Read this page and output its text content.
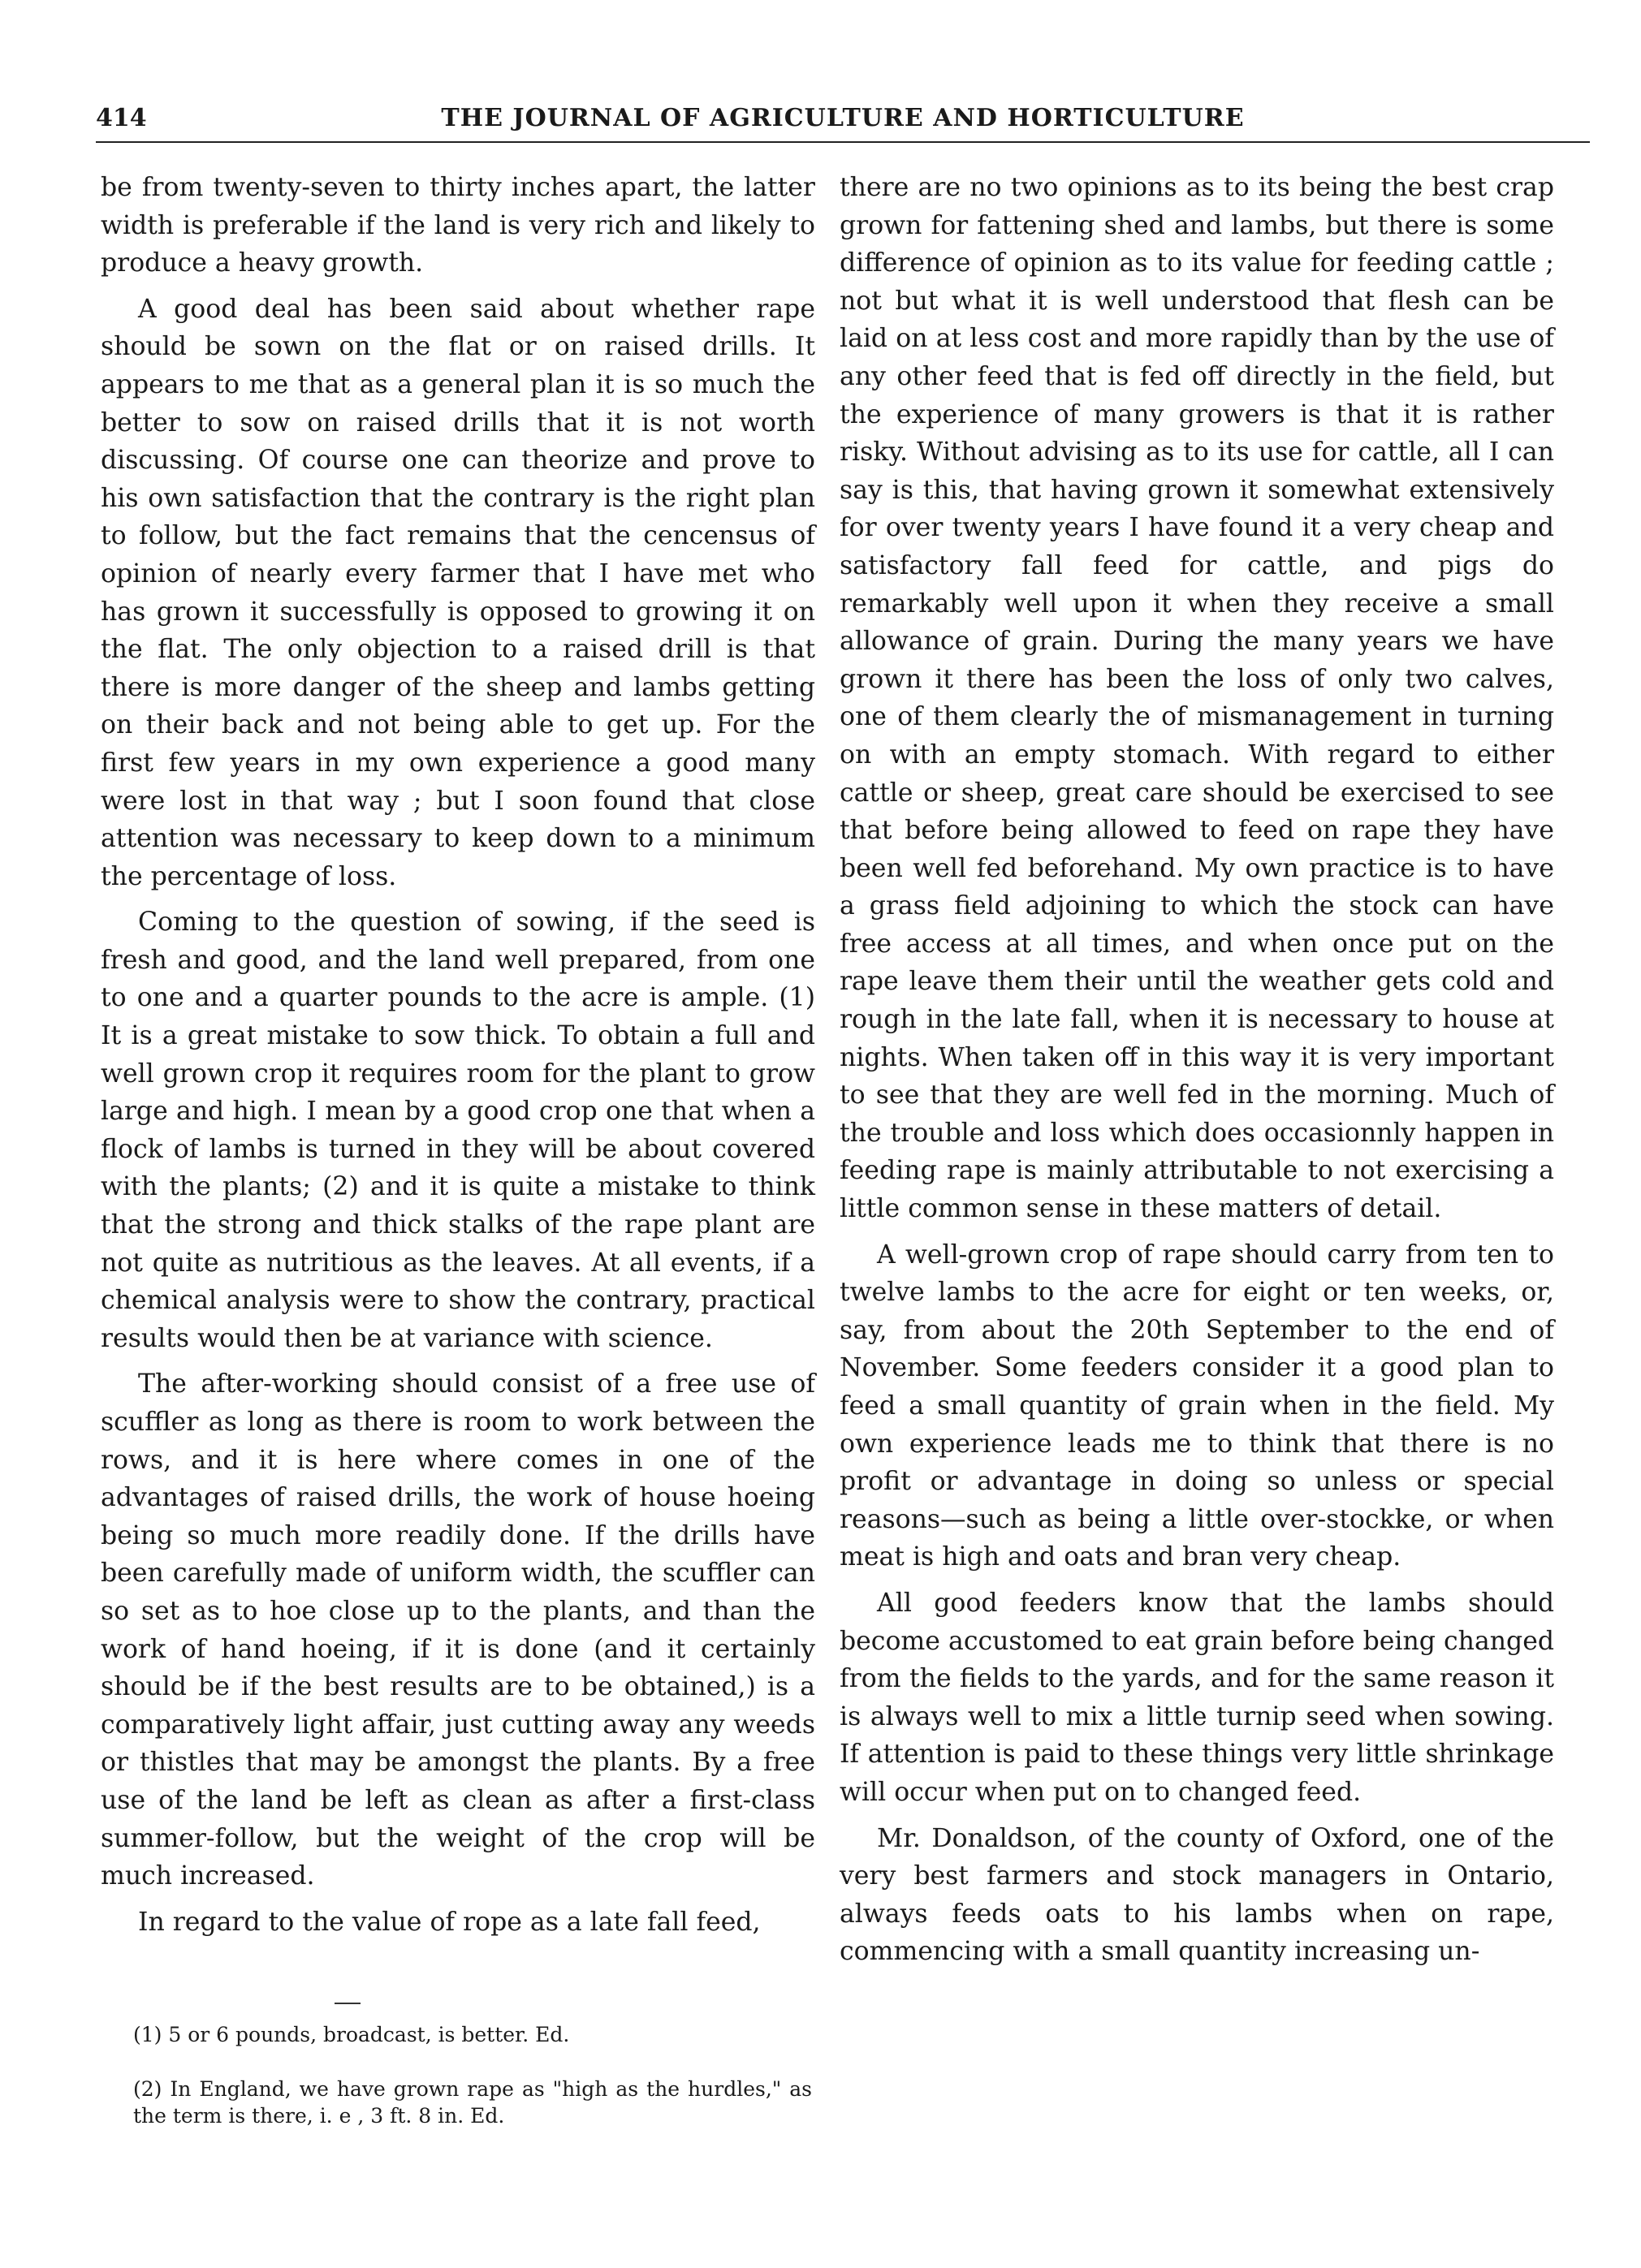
414	THE JOURNAL OF AGRICULTURE AND HORTICULTURE

be from twenty-seven to thirty inches apart, the latter width is preferable if the land is very rich and likely to produce a heavy growth.

A good deal has been said about whether rape should be sown on the flat or on raised drills. It appears to me that as a general plan it is so much the better to sow on raised drills that it is not worth discussing. Of course one can theorize and prove to his own satisfaction that the contrary is the right plan to follow, but the fact remains that the cencensus of opinion of nearly every farmer that I have met who has grown it successfully is opposed to growing it on the flat. The only objection to a raised drill is that there is more danger of the sheep and lambs getting on their back and not being able to get up. For the first few years in my own experience a good many were lost in that way ; but I soon found that close attention was necessary to keep down to a minimum the percentage of loss.

Coming to the question of sowing, if the seed is fresh and good, and the land well prepared, from one to one and a quarter pounds to the acre is ample. (1) It is a great mistake to sow thick. To obtain a full and well grown crop it requires room for the plant to grow large and high. I mean by a good crop one that when a flock of lambs is turned in they will be about covered with the plants; (2) and it is quite a mistake to think that the strong and thick stalks of the rape plant are not quite as nutritious as the leaves. At all events, if a chemical analysis were to show the contrary, practical results would then be at variance with science.

The after-working should consist of a free use of scuffler as long as there is room to work between the rows, and it is here where comes in one of the advantages of raised drills, the work of house hoeing being so much more readily done. If the drills have been carefully made of uniform width, the scuffler can so set as to hoe close up to the plants, and than the work of hand hoeing, if it is done (and it certainly should be if the best results are to be obtained,) is a comparatively light affair, just cutting away any weeds or thistles that may be amongst the plants. By a free use of the land be left as clean as after a first-class summer-follow, but the weight of the crop will be much increased.

In regard to the value of rope as a late fall feed,

there are no two opinions as to its being the best crap grown for fattening shed and lambs, but there is some difference of opinion as to its value for feeding cattle ; not but what it is well understood that flesh can be laid on at less cost and more rapidly than by the use of any other feed that is fed off directly in the field, but the experience of many growers is that it is rather risky. Without advising as to its use for cattle, all I can say is this, that having grown it somewhat extensively for over twenty years I have found it a very cheap and satisfactory fall feed for cattle, and pigs do remarkably well upon it when they receive a small allowance of grain. During the many years we have grown it there has been the loss of only two calves, one of them clearly the of mismanagement in turning on with an empty stomach. With regard to either cattle or sheep, great care should be exercised to see that before being allowed to feed on rape they have been well fed beforehand. My own practice is to have a grass field adjoining to which the stock can have free access at all times, and when once put on the rape leave them their until the weather gets cold and rough in the late fall, when it is necessary to house at nights. When taken off in this way it is very important to see that they are well fed in the morning. Much of the trouble and loss which does occasionnly happen in feeding rape is mainly attributable to not exercising a little common sense in these matters of detail.

A well-grown crop of rape should carry from ten to twelve lambs to the acre for eight or ten weeks, or, say, from about the 20th September to the end of November. Some feeders consider it a good plan to feed a small quantity of grain when in the field. My own experience leads me to think that there is no profit or advantage in doing so unless or special reasons—such as being a little over-stockke, or when meat is high and oats and bran very cheap.

All good feeders know that the lambs should become accustomed to eat grain before being changed from the fields to the yards, and for the same reason it is always well to mix a little turnip seed when sowing. If attention is paid to these things very little shrinkage will occur when put on to changed feed.

Mr. Donaldson, of the county of Oxford, one of the very best farmers and stock managers in Ontario, always feeds oats to his lambs when on rape, commencing with a small quantity increasing un-

(1) 5 or 6 pounds, broadcast, is better. Ed.

(2) In England, we have grown rape as "high as the hurdles," as the term is there, i. e , 3 ft. 8 in. Ed.
